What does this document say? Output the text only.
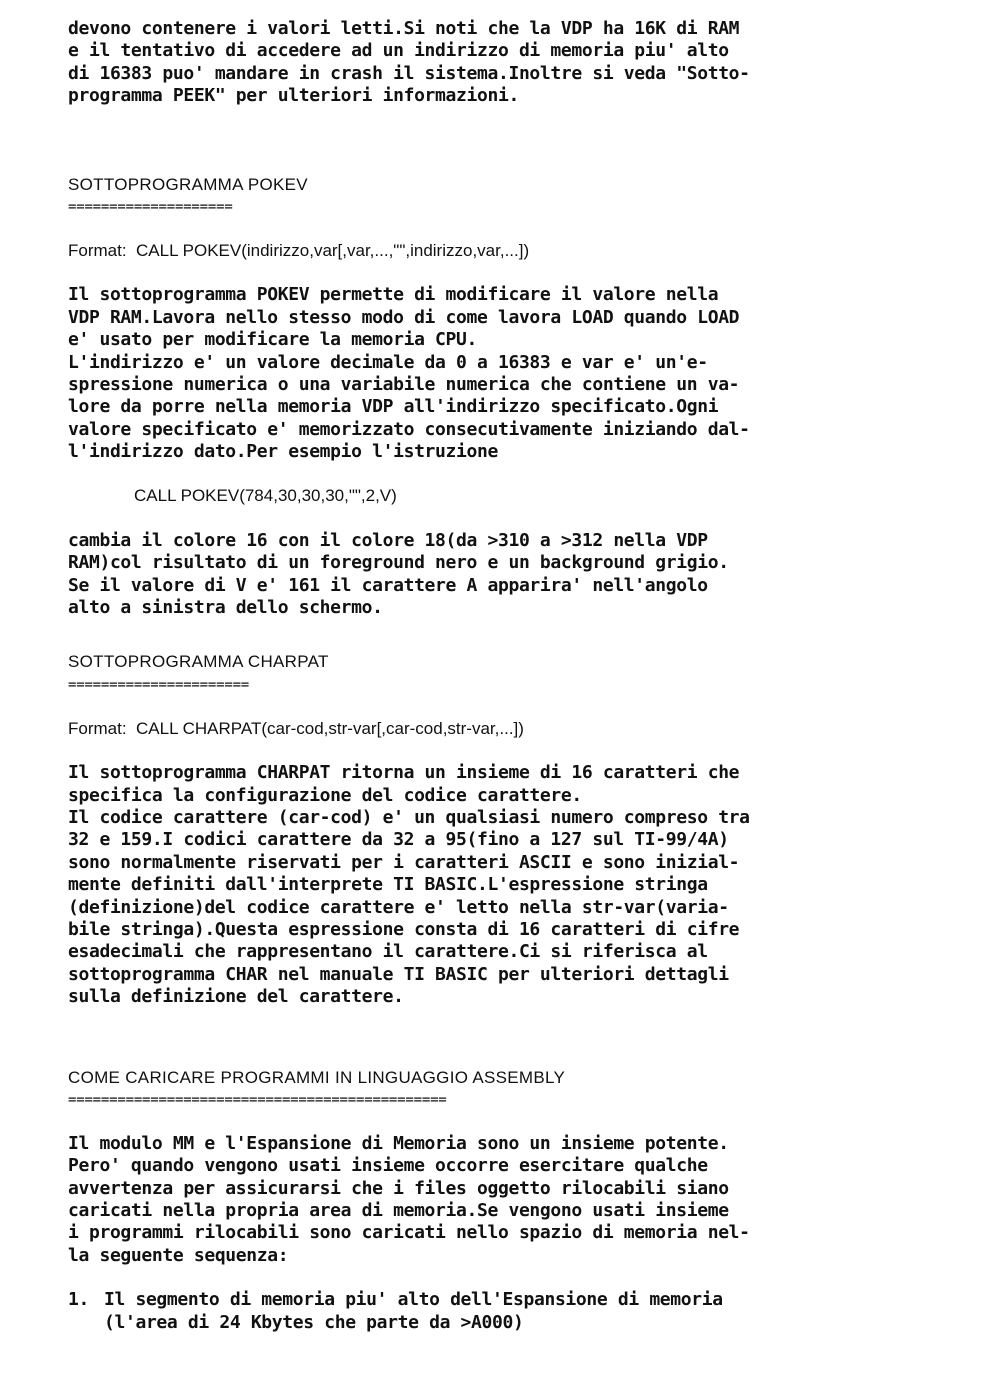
devono contenere i valori letti.Si noti che la VDP ha 16K di RAM
e il tentativo di accedere ad un indirizzo di memoria piu' alto
di 16383 puo' mandare in crash il sistema.Inoltre si veda "Sotto-
programma PEEK" per ulteriori informazioni.
SOTTOPROGRAMMA POKEV
====================
Format:  CALL POKEV(indirizzo,var[,var,...,"",indirizzo,var,...])
Il sottoprogramma POKEV permette di modificare il valore nella
VDP RAM.Lavora nello stesso modo di come lavora LOAD quando LOAD
e' usato per modificare la memoria CPU.
L'indirizzo e' un valore decimale da 0 a 16383 e var e' un'e-
spressione numerica o una variabile numerica che contiene un va-
lore da porre nella memoria VDP all'indirizzo specificato.Ogni
valore specificato e' memorizzato consecutivamente iniziando dal-
l'indirizzo dato.Per esempio l'istruzione
CALL POKEV(784,30,30,30,"",2,V)
cambia il colore 16 con il colore 18(da >310 a >312 nella VDP
RAM)col risultato di un foreground nero e un background grigio.
Se il valore di V e' 161 il carattere A apparira' nell'angolo
alto a sinistra dello schermo.
SOTTOPROGRAMMA CHARPAT
======================
Format:  CALL CHARPAT(car-cod,str-var[,car-cod,str-var,...])
Il sottoprogramma CHARPAT ritorna un insieme di 16 caratteri che
specifica la configurazione del codice carattere.
Il codice carattere (car-cod) e' un qualsiasi numero compreso tra
32 e 159.I codici carattere da 32 a 95(fino a 127 sul TI-99/4A)
sono normalmente riservati per i caratteri ASCII e sono inizial-
mente definiti dall'interprete TI BASIC.L'espressione stringa
(definizione)del codice carattere e' letto nella str-var(varia-
bile stringa).Questa espressione consta di 16 caratteri di cifre
esadecimali che rappresentano il carattere.Ci si riferisca al
sottoprogramma CHAR nel manuale TI BASIC per ulteriori dettagli
sulla definizione del carattere.
COME CARICARE PROGRAMMI IN LINGUAGGIO ASSEMBLY
==============================================
Il modulo MM e l'Espansione di Memoria sono un insieme potente.
Pero' quando vengono usati insieme occorre esercitare qualche
avvertenza per assicurarsi che i files oggetto rilocabili siano
caricati nella propria area di memoria.Se vengono usati insieme
i programmi rilocabili sono caricati nello spazio di memoria nel-
la seguente sequenza:
1. Il segmento di memoria piu' alto dell'Espansione di memoria
(l'area di 24 Kbytes che parte da >A000)
